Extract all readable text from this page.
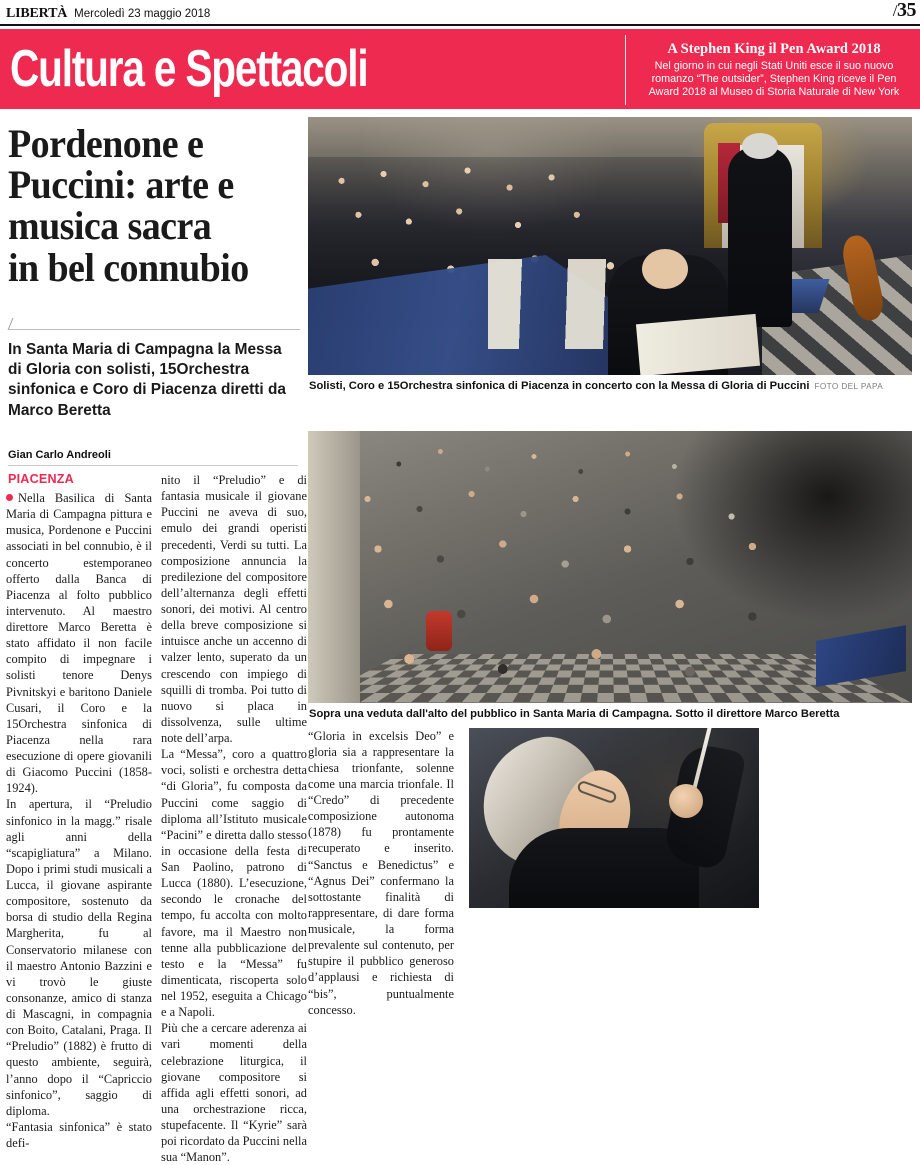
LIBERTÀ Mercoledì 23 maggio 2018	/35
Cultura e Spettacoli	A Stephen King il Pen Award 2018
Nel giorno in cui negli Stati Uniti esce il suo nuovo romanzo “The outsider”, Stephen King riceve il Pen Award 2018 al Museo di Storia Naturale di New York
Pordenone e
Puccini: arte e
musica sacra
in bel connubio
In Santa Maria di Campagna la Messa di Gloria con solisti, 15Orchestra sinfonica e Coro di Piacenza diretti da Marco Beretta
Solisti, Coro e 15Orchestra sinfonica di Piacenza in concerto con la Messa di Gloria di Puccini FOTO DEL PAPA
Gian Carlo Andreoli
PIACENZA

Nella Basilica di Santa Maria di Campagna pittura e musica, Pordenone e Puccini associati in bel connubio, è il concerto estemporaneo offerto dalla Banca di Piacenza al folto pubblico intervenuto. Al maestro direttore Marco Beretta è stato affidato il non facile compito di impegnare i solisti tenore Denys Pivnitskyi e baritono Daniele Cusari, il Coro e la 15Orchestra sinfonica di Piacenza nella rara esecuzione di opere giovanili di Giacomo Puccini (1858-1924).

In apertura, il “Preludio sinfonico in la magg.” risale agli anni della “scapigliatura” a Milano. Dopo i primi studi musicali a Lucca, il giovane aspirante compositore, sostenuto da borsa di studio della Regina Margherita, fu al Conservatorio milanese con il maestro Antonio Bazzini e vi trovò le giuste consonanze, amico di stanza di Mascagni, in compagnia con Boito, Catalani, Praga. Il “Preludio” (1882) è frutto di questo ambiente, seguirà, l’anno dopo il “Capriccio sinfonico”, saggio di diploma.

“Fantasia sinfonica” è stato defi-

nito il “Preludio” e di fantasia musicale il giovane Puccini ne aveva di suo, emulo dei grandi operisti precedenti, Verdi su tutti. La composizione annuncia la predilezione del compositore dell’alternanza degli effetti sonori, dei motivi. Al centro della breve composizione si intuisce anche un accenno di valzer lento, superato da un crescendo con impiego di squilli di tromba. Poi tutto di nuovo si placa in dissolvenza, sulle ultime note dell’arpa.

La “Messa”, coro a quattro voci, solisti e orchestra detta “di Gloria”, fu composta da Puccini come saggio di diploma all’Istituto musicale “Pacini” e diretta dallo stesso in occasione della festa di San Paolino, patrono di Lucca (1880). L’esecuzione, secondo le cronache del tempo, fu accolta con molto favore, ma il Maestro non tenne alla pubblicazione del testo e la “Messa” fu dimenticata, riscoperta solo nel 1952, eseguita a Chicago e a Napoli.

Più che a cercare aderenza ai vari momenti della celebrazione liturgica, il giovane compositore si affida agli effetti sonori, ad una orchestrazione ricca, stupefacente. Il “Kyrie” sarà poi ricordato da Puccini nella sua “Manon”.

Sopra una veduta dall'alto del pubblico in Santa Maria di Campagna. Sotto il direttore Marco Beretta

“Gloria in excelsis Deo” e gloria sia a rappresentare la chiesa trionfante, solenne come una marcia trionfale. Il “Credo” di precedente composizione autonoma (1878) fu prontamente recuperato e inserito. “Sanctus e Benedictus” e “Agnus Dei” confermano la sottostante finalità di rappresentare, di dare forma musicale, la forma prevalente sul contenuto, per stupire il pubblico generoso d’applausi e richiesta di “bis”, puntualmente concesso.
